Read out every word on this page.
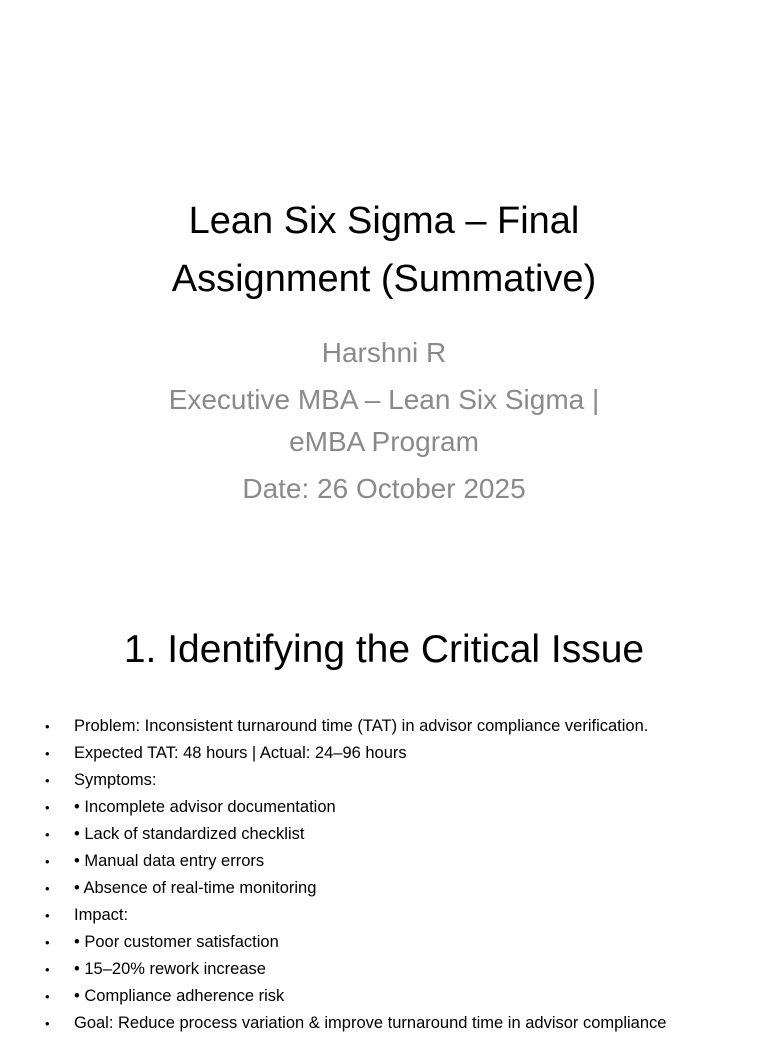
Lean Six Sigma – Final
Assignment (Summative)
Harshni R
Executive MBA – Lean Six Sigma |
eMBA Program
Date: 26 October 2025
1. Identifying the Critical Issue
• Problem: Inconsistent turnaround time (TAT) in advisor compliance verification.
• Expected TAT: 48 hours | Actual: 24–96 hours
• Symptoms:
• • Incomplete advisor documentation
• • Lack of standardized checklist
• • Manual data entry errors
• • Absence of real-time monitoring
• Impact:
• • Poor customer satisfaction
• • 15–20% rework increase
• • Compliance adherence risk
• Goal: Reduce process variation & improve turnaround time in advisor compliance
